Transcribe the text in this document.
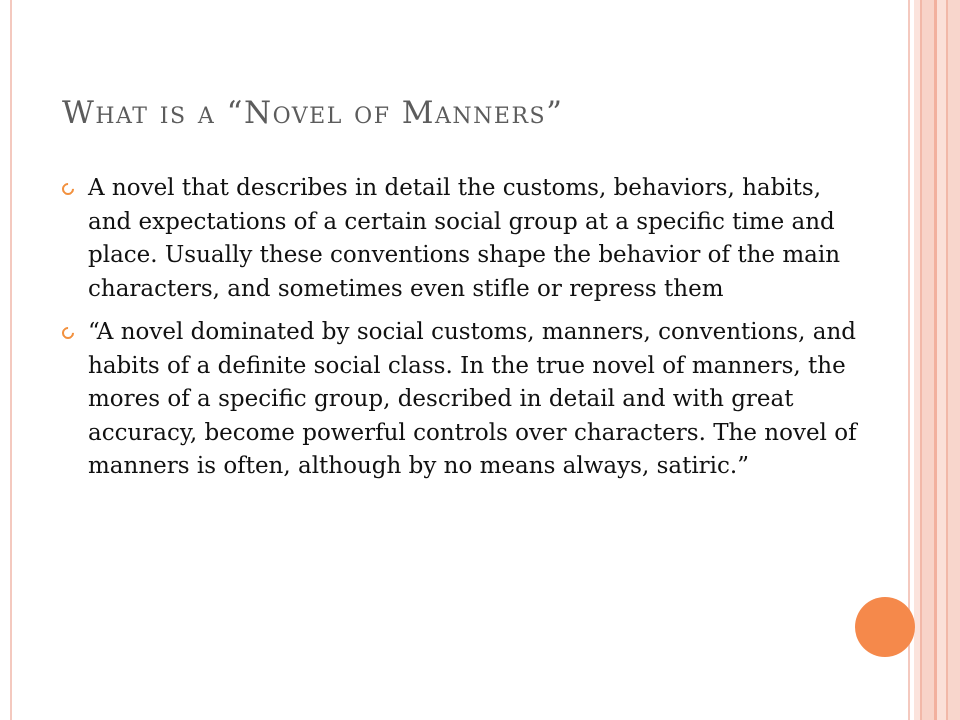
What is a “Novel of Manners”
A novel that describes in detail the customs, behaviors, habits, and expectations of a certain social group at a specific time and place. Usually these conventions shape the behavior of the main characters, and sometimes even stifle or repress them
“A novel dominated by social customs, manners, conventions, and habits of a definite social class. In the true novel of manners, the mores of a specific group, described in detail and with great accuracy, become powerful controls over characters. The novel of manners is often, although by no means always, satiric.”
